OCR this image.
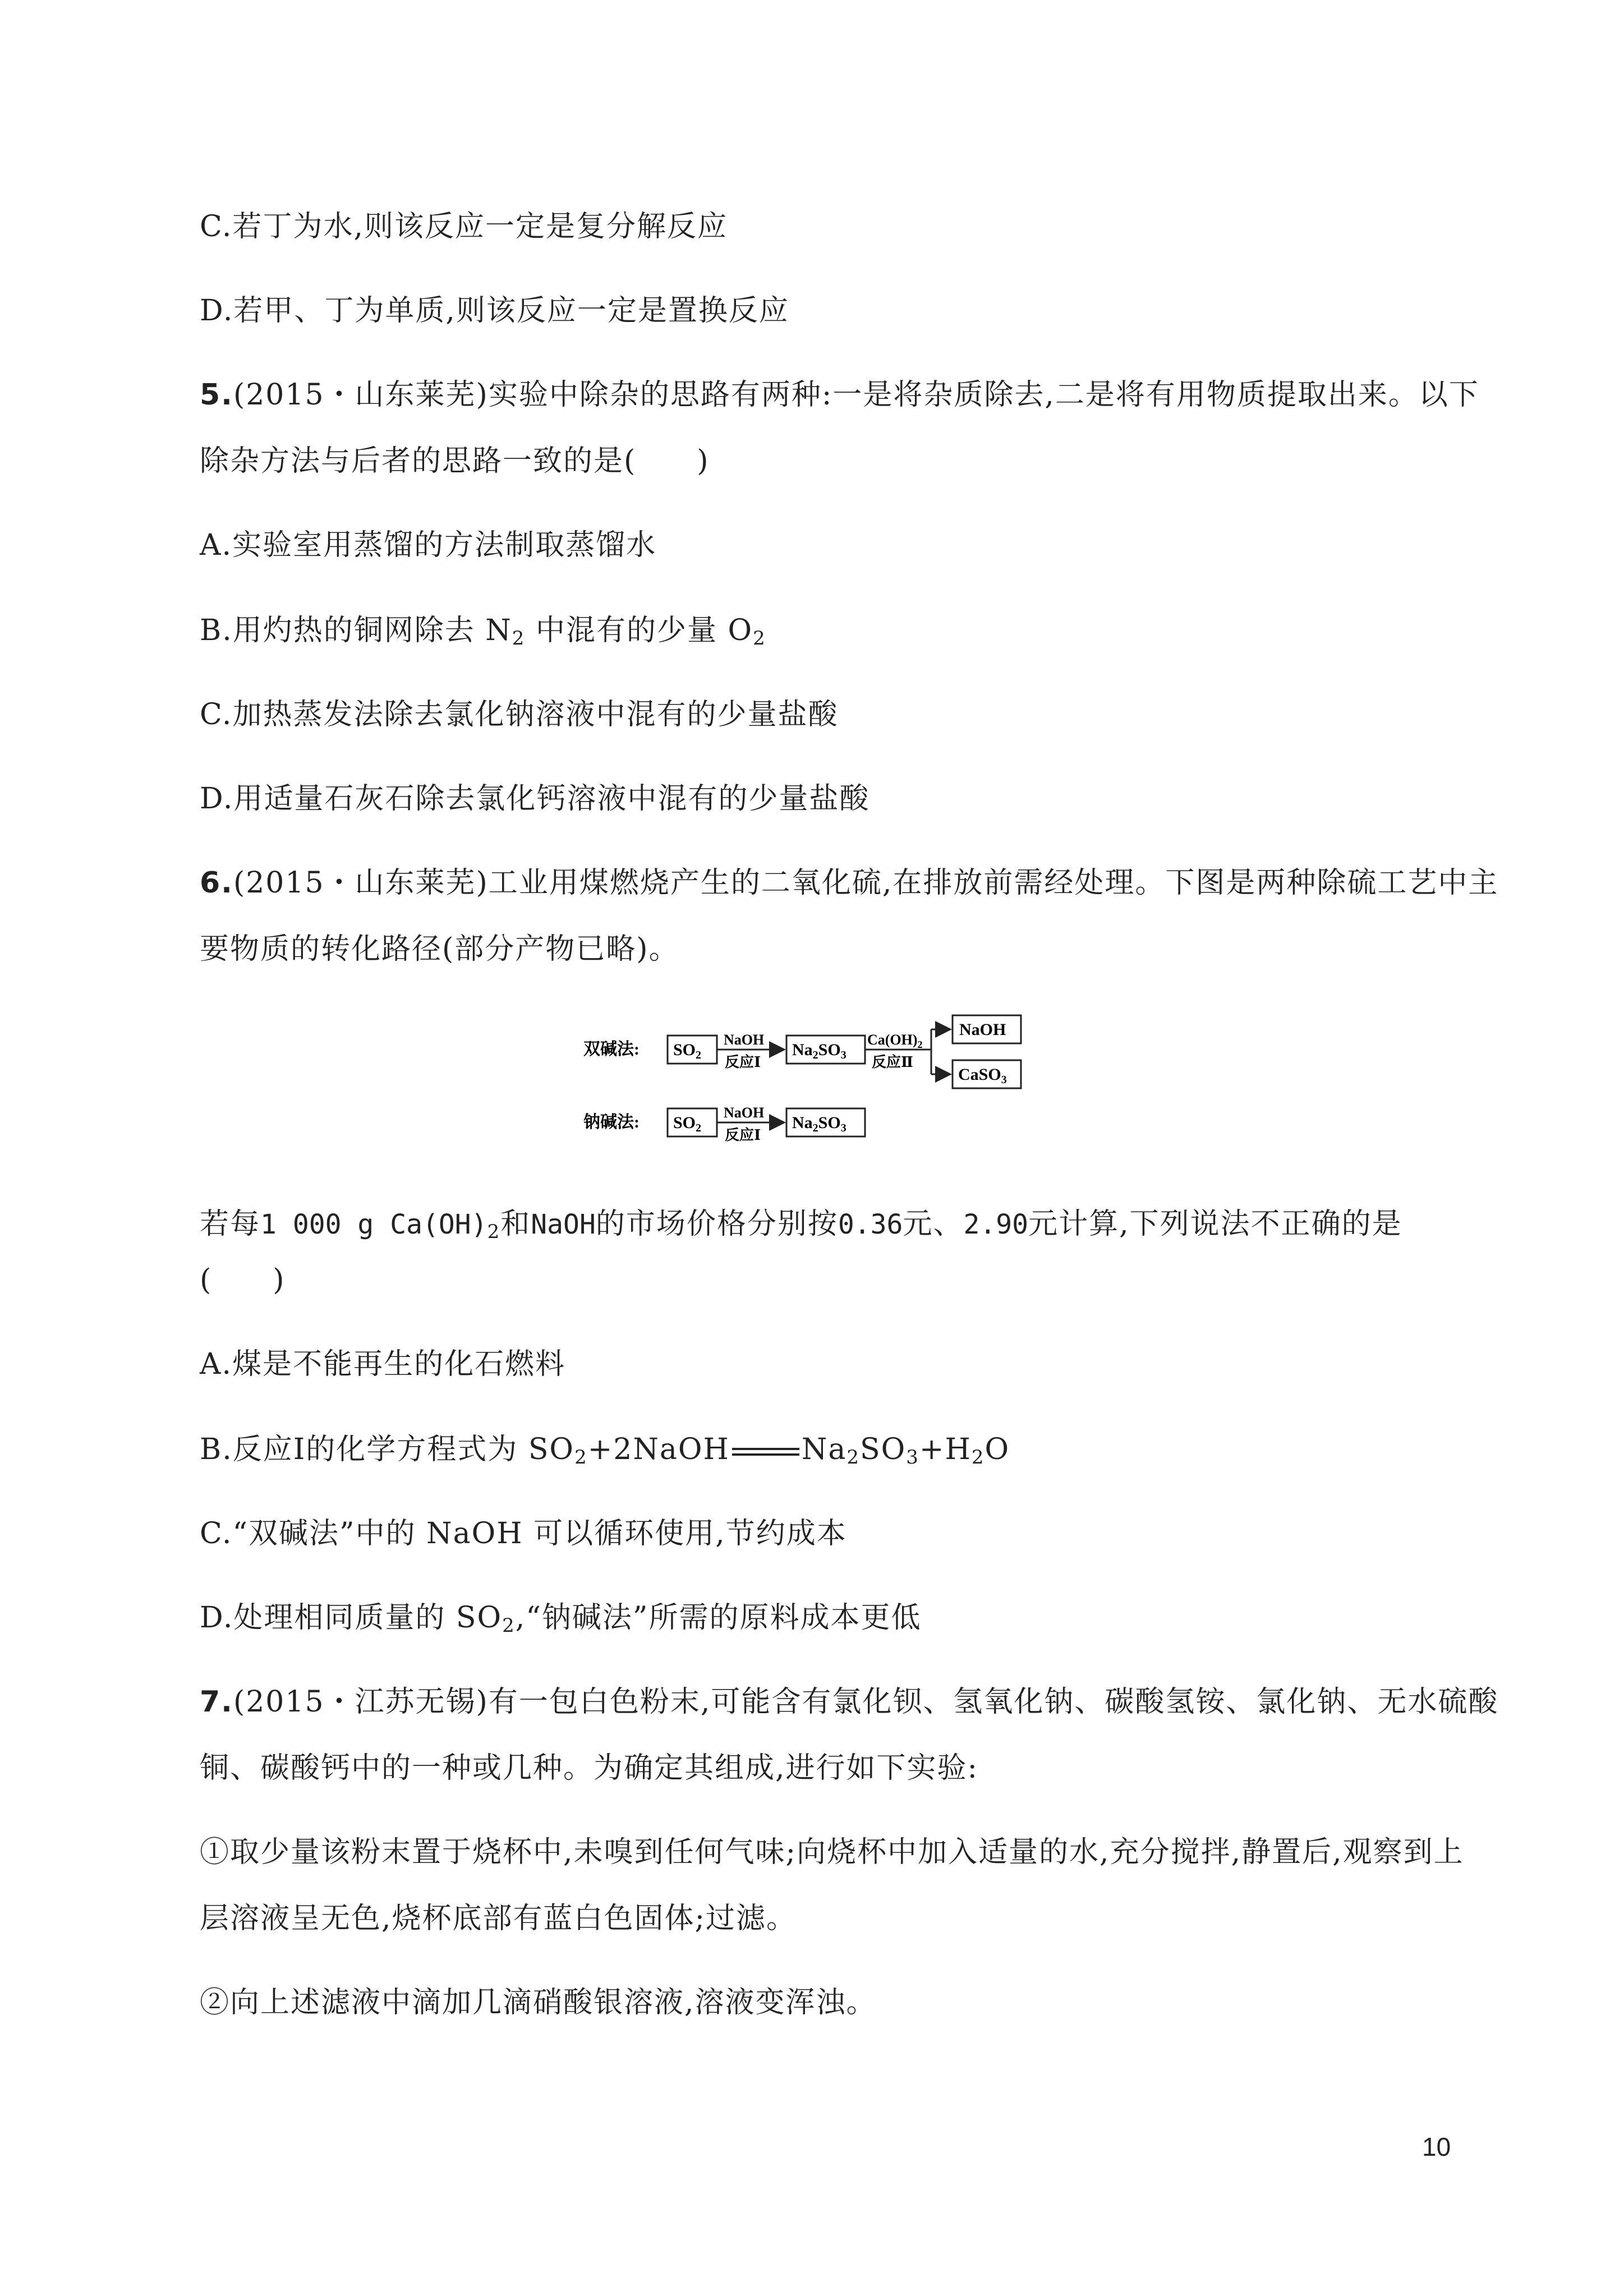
C.若丁为水,则该反应一定是复分解反应
D.若甲、丁为单质,则该反应一定是置换反应
5.(2015・山东莱芜)实验中除杂的思路有两种:一是将杂质除去,二是将有用物质提取出来。以下
除杂方法与后者的思路一致的是(　　)
A.实验室用蒸馏的方法制取蒸馏水
B.用灼热的铜网除去 $N_2$ 中混有的少量 $O_2$
C.加热蒸发法除去氯化钠溶液中混有的少量盐酸
D.用适量石灰石除去氯化钙溶液中混有的少量盐酸
6.(2015・山东莱芜)工业用煤燃烧产生的二氧化硫,在排放前需经处理。下图是两种除硫工艺中主
要物质的转化路径(部分产物已略)。
双碱法: $SO_2$
NaOH
反应Ⅰ
$Na_2SO_3$
$Ca(OH)_2$
反应Ⅱ
NaOH
CaSO$_3$
钠碱法: $SO_2$
NaOH
反应Ⅰ
$Na_2SO_3$
若每1 000 g $Ca(OH)_2$和NaOH的市场价格分别按0.36元、2.90元计算,下列说法不正确的是
(　　)
A.煤是不能再生的化石燃料
B.反应Ⅰ的化学方程式为 $SO_2+2NaOH$ $Na_2SO_3+H_2O$
C.“双碱法”中的 NaOH 可以循环使用,节约成本
D.处理相同质量的 $SO_2,“$钠碱法”所需的原料成本更低
7.(2015・江苏无锡)有一包白色粉末,可能含有氯化钡、氢氧化钠、碳酸氢铵、氯化钠、无水硫酸
铜、碳酸钙中的一种或几种。为确定其组成,进行如下实验:
①取少量该粉末置于烧杯中,未嗅到任何气味;向烧杯中加入适量的水,充分搅拌,静置后,观察到上
层溶液呈无色,烧杯底部有蓝白色固体;过滤。
②向上述滤液中滴加几滴硝酸银溶液,溶液变浑浊。
10
